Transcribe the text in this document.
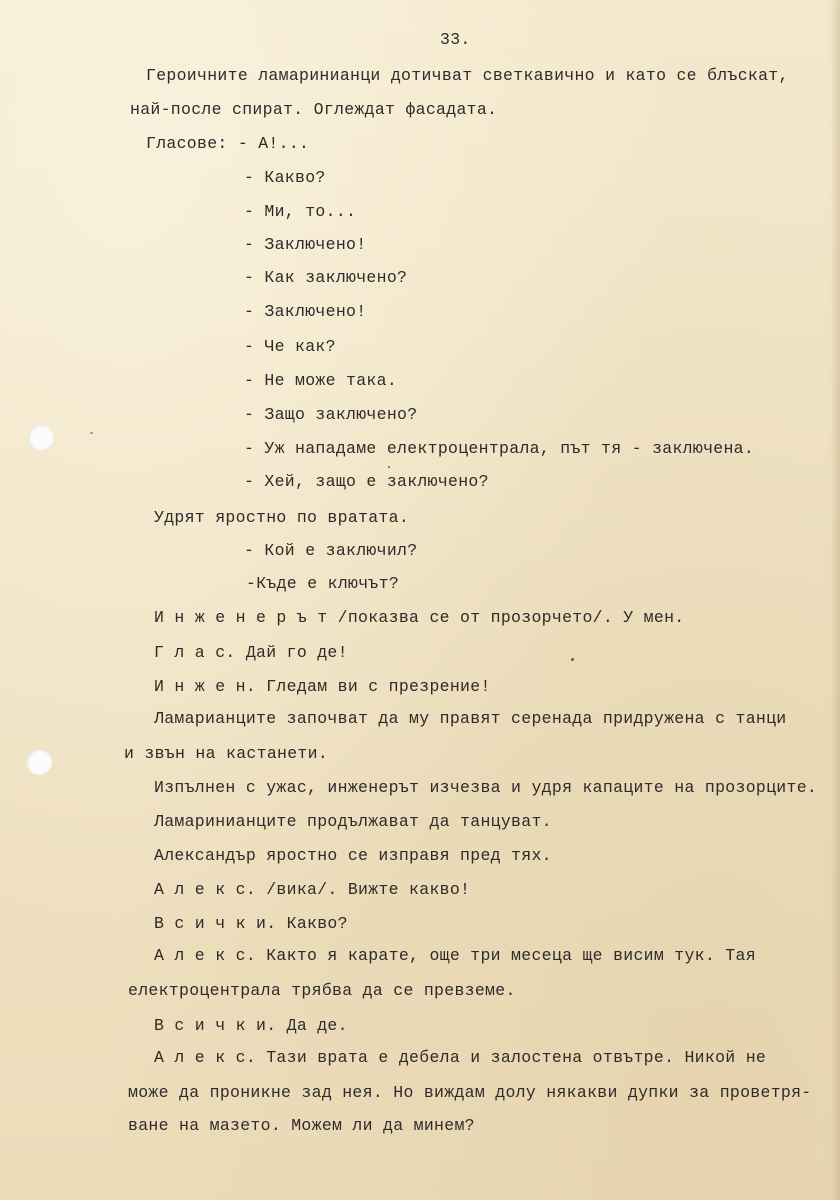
33.
Героичните ламаринианци дотичват светкавично и като се блъскат,
най-после спират. Оглеждат фасадата.
Гласове: - А!...
- Какво?
- Ми, то...
- Заключено!
- Как заключено?
- Заключено!
- Че как?
- Не може така.
- Защо заключено?
- Уж нападаме електроцентрала, път тя - заключена.
- Хей, защо е заключено?
Удрят яростно по вратата.
- Кой е заключил?
-Къде е ключът?
И н ж е н е р ъ т /показва се от прозорчето/. У мен.
Г л а с. Дай го де!
И н ж е н. Гледам ви с презрение!
Ламарианците започват да му правят серенада придружена с танци
и звън на кастанети.
Изпълнен с ужас, инженерът изчезва и удря капаците на прозорците.
Ламаринианците продължават да танцуват.
Александър яростно се изправя пред тях.
А л е к с. /вика/. Вижте какво!
В с и ч к и. Какво?
А л е к с. Както я карате, още три месеца ще висим тук. Тая
електроцентрала трябва да се превземе.
В с и ч к и. Да де.
А л е к с. Тази врата е дебела и залостена отвътре. Никой не
може да проникне зад нея. Но виждам долу някакви дупки за проветря-
ване на мазето. Можем ли да минем?
